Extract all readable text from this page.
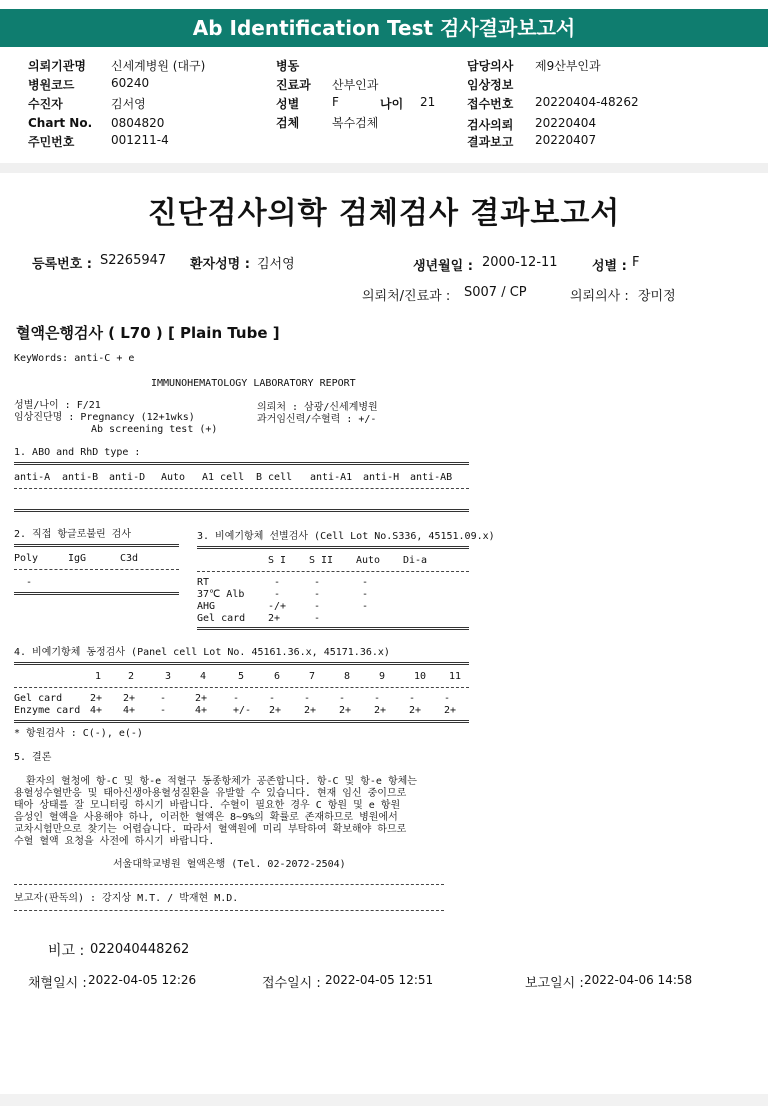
Ab Identification Test 검사결과보고서
의뢰기관명 신세계병원 (대구)
병원코드	60240
수진자	김서영
Chart No. 0804820
주민번호	001211-4
병동
진료과 산부인과
성별	F	나이 21
검체	복수검체
담당의사 제9산부인과
임상정보
접수번호 20220404-48262
검사의뢰 20220404
결과보고 20220407
진단검사의학 검체검사 결과보고서
등록번호 : S2265947 환자성명 : 김서영	생년월일 : 2000-12-11	성별 : F
의뢰처/진료과 : S007 / CP	의뢰의사 : 장미정
혈액은행검사 ( L70 ) [ Plain Tube ]
KeyWords: anti-C + e
IMMUNOHEMATOLOGY LABORATORY REPORT
성별/나이 : F/21
임상진단명 : Pregnancy (12+1wks)
Ab screening test (+)
의뢰처 : 삼광/신세계병원
과거임신력/수혈력 : +/-
1. ABO and RhD type :
anti-A anti-B anti-D Auto A1 cell B cell anti-A1 anti-H anti-AB
2. 직접 항글로불린 검사
Poly	IgG	C3d
-
3. 비예기항체 선별검사 (Cell Lot No.S336, 45151.09.x)
S I S II Auto Di-a
RT	-	-	-
37℃ Alb	-	-	-
AHG	-/+	-	-
Gel card 2+	-
4. 비예기항체 동정검사 (Panel cell Lot No. 45161.36.x, 45171.36.x)
1	2	3	4	5	6	7	8	9	10 11
Gel card	2+ 2+ -	2+	-	-	-	-	-	-	-
Enzyme card 4+ 4+ -	4+	+/- 2+ 2+ 2+ 2+ 2+ 2+
* 항원검사 : C(-), e(-)
5. 결론
환자의 혈청에 항-C 및 항-e 적혈구 동종항체가 공존합니다. 항-C 및 항-e 항체는
용혈성수혈반응 및 태아신생아용혈성질환을 유발할 수 있습니다. 현재 임신 중이므로
태아 상태를 잘 모니터링 하시기 바랍니다. 수혈이 필요한 경우 C 항원 및 e 항원
음성인 혈액을 사용해야 하나, 이러한 혈액은 8~9%의 확률로 존재하므로 병원에서
교차시험만으로 찾기는 어렵습니다. 따라서 혈액원에 미리 부탁하여 확보해야 하므로
수혈 혈액 요청을 사전에 하시기 바랍니다.
서울대학교병원 혈액은행 (Tel. 02-2072-2504)
보고자(판독의) : 강지상 M.T. / 박재현 M.D.
비고 : 022040448262
채혈일시 : 2022-04-05 12:26	접수일시 : 2022-04-05 12:51	보고일시 : 2022-04-06 14:58
